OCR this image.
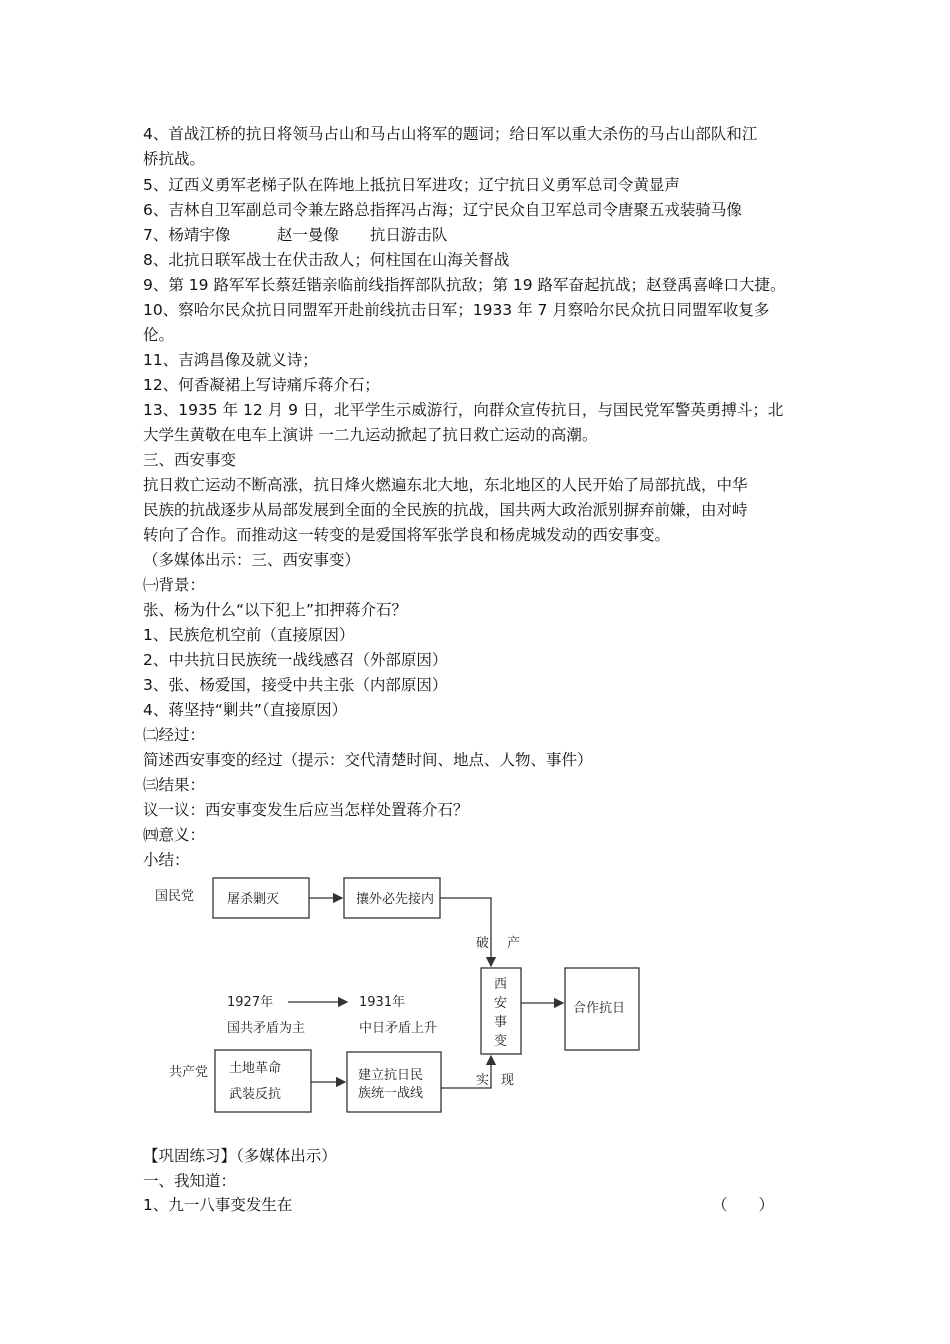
4、首战江桥的抗日将领马占山和马占山将军的题词；给日军以重大杀伤的马占山部队和江
桥抗战。
5、辽西义勇军老梯子队在阵地上抵抗日军进攻；辽宁抗日义勇军总司令黄显声
6、吉林自卫军副总司令兼左路总指挥冯占海；辽宁民众自卫军总司令唐聚五戎装骑马像
7、杨靖宇像　　　赵一曼像　　抗日游击队
8、北抗日联军战士在伏击敌人；何柱国在山海关督战
9、第 19 路军军长蔡廷锴亲临前线指挥部队抗敌；第 19 路军奋起抗战；赵登禹喜峰口大捷。
10、察哈尔民众抗日同盟军开赴前线抗击日军；1933 年 7 月察哈尔民众抗日同盟军收复多
伦。
11、吉鸿昌像及就义诗；
12、何香凝裙上写诗痛斥蒋介石；
13、1935 年 12 月 9 日，北平学生示威游行，向群众宣传抗日，与国民党军警英勇搏斗；北
大学生黄敬在电车上演讲 一二九运动掀起了抗日救亡运动的高潮。
三、西安事变
抗日救亡运动不断高涨，抗日烽火燃遍东北大地，东北地区的人民开始了局部抗战，中华
民族的抗战逐步从局部发展到全面的全民族的抗战，国共两大政治派别摒弃前嫌，由对峙
转向了合作。而推动这一转变的是爱国将军张学良和杨虎城发动的西安事变。
（多媒体出示：三、西安事变）
㈠背景：
张、杨为什么“以下犯上”扣押蒋介石？
1、民族危机空前（直接原因）
2、中共抗日民族统一战线感召（外部原因）
3、张、杨爱国，接受中共主张（内部原因）
4、蒋坚持“剿共”（直接原因）
㈡经过：
简述西安事变的经过（提示：交代清楚时间、地点、人物、事件）
㈢结果：
议一议：西安事变发生后应当怎样处置蒋介石？
㈣意义：
小结：
国民党	屠杀剿灭	攘外必先接内
破 产
西
安
事
变
合作抗日
1927年	1931年
国共矛盾为主	中日矛盾上升
共产党 土地革命
武装反抗
建立抗日民
族统一战线
实 现
【巩固练习】（多媒体出示）
一、我知道：
1、九一八事变发生在	（　　）
